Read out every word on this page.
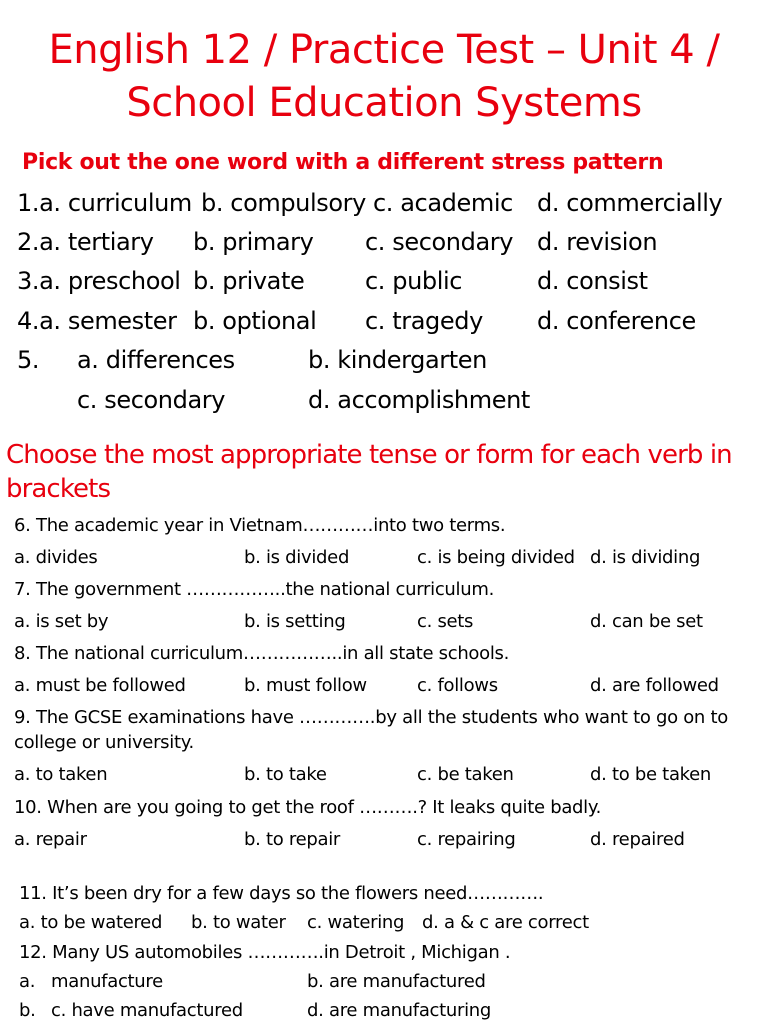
English 12 / Practice Test – Unit 4 /
School Education Systems
Pick out the one word with a different stress pattern
1.a. curriculum b. compulsory c. academic d. commercially
2.a. tertiary b. primary c. secondary d. revision
3.a. preschool b. private	c. public	d. consist
4.a. semester b. optional c. tragedy d. conference
5. a. differences	b. kindergarten
c. secondary	d. accomplishment
Choose the most appropriate tense or form for each verb in
brackets
6. The academic year in Vietnam…………into two terms.
a. divides	b. is divided	c. is being divided d. is dividing
7. The government ……………..the national curriculum.
a. is set by	b. is setting	c. sets	d. can be set
8. The national curriculum……………..in all state schools.
a. must be followed	b. must follow	c. follows	d. are followed
9. The GCSE examinations have ………….by all the students who want to go on to
college or university.
a. to taken	b. to take	c. be taken	d. to be taken
10. When are you going to get the roof ……….? It leaks quite badly.
a. repair	b. to repair	c. repairing	d. repaired
11. It’s been dry for a few days so the flowers need………….
a. to be watered b. to water c. watering d. a & c are correct
12. Many US automobiles ………….in Detroit , Michigan .
a. manufacture	b. are manufactured
b. c. have manufactured	d. are manufacturing
